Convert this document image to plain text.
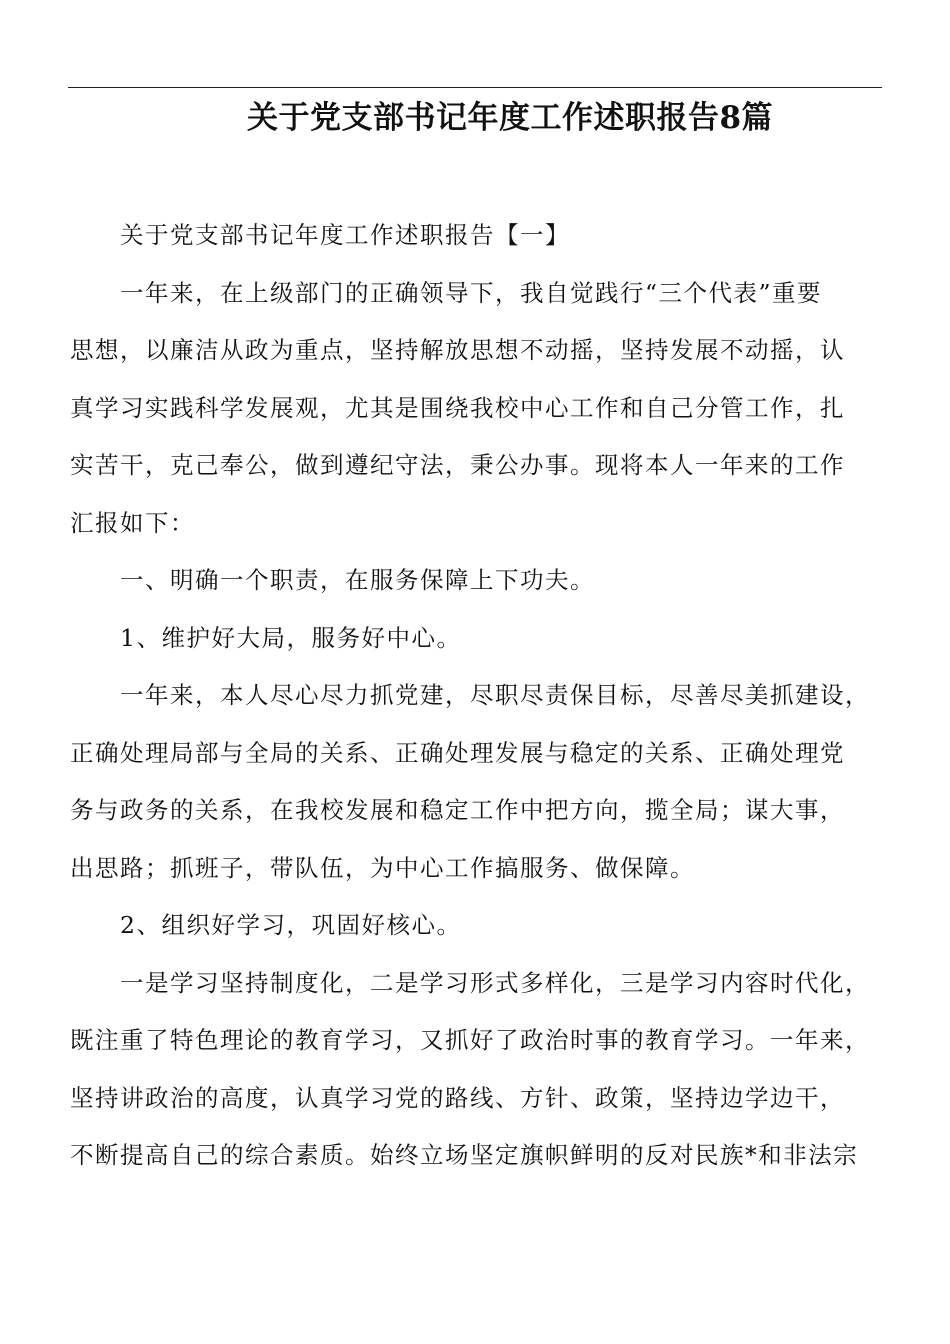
关于党支部书记年度工作述职报告8篇
关于党支部书记年度工作述职报告【一】
一年来，在上级部门的正确领导下，我自觉践行“三个代表”重要
思想，以廉洁从政为重点，坚持解放思想不动摇，坚持发展不动摇，认
真学习实践科学发展观，尤其是围绕我校中心工作和自己分管工作，扎
实苦干，克己奉公，做到遵纪守法，秉公办事。现将本人一年来的工作
汇报如下：
一、明确一个职责，在服务保障上下功夫。
1、维护好大局，服务好中心。
一年来，本人尽心尽力抓党建，尽职尽责保目标，尽善尽美抓建设，
正确处理局部与全局的关系、正确处理发展与稳定的关系、正确处理党
务与政务的关系，在我校发展和稳定工作中把方向，揽全局；谋大事，
出思路；抓班子，带队伍，为中心工作搞服务、做保障。
2、组织好学习，巩固好核心。
一是学习坚持制度化，二是学习形式多样化，三是学习内容时代化，
既注重了特色理论的教育学习，又抓好了政治时事的教育学习。一年来，
坚持讲政治的高度，认真学习党的路线、方针、政策，坚持边学边干，
不断提高自己的综合素质。始终立场坚定旗帜鲜明的反对民族*和非法宗
